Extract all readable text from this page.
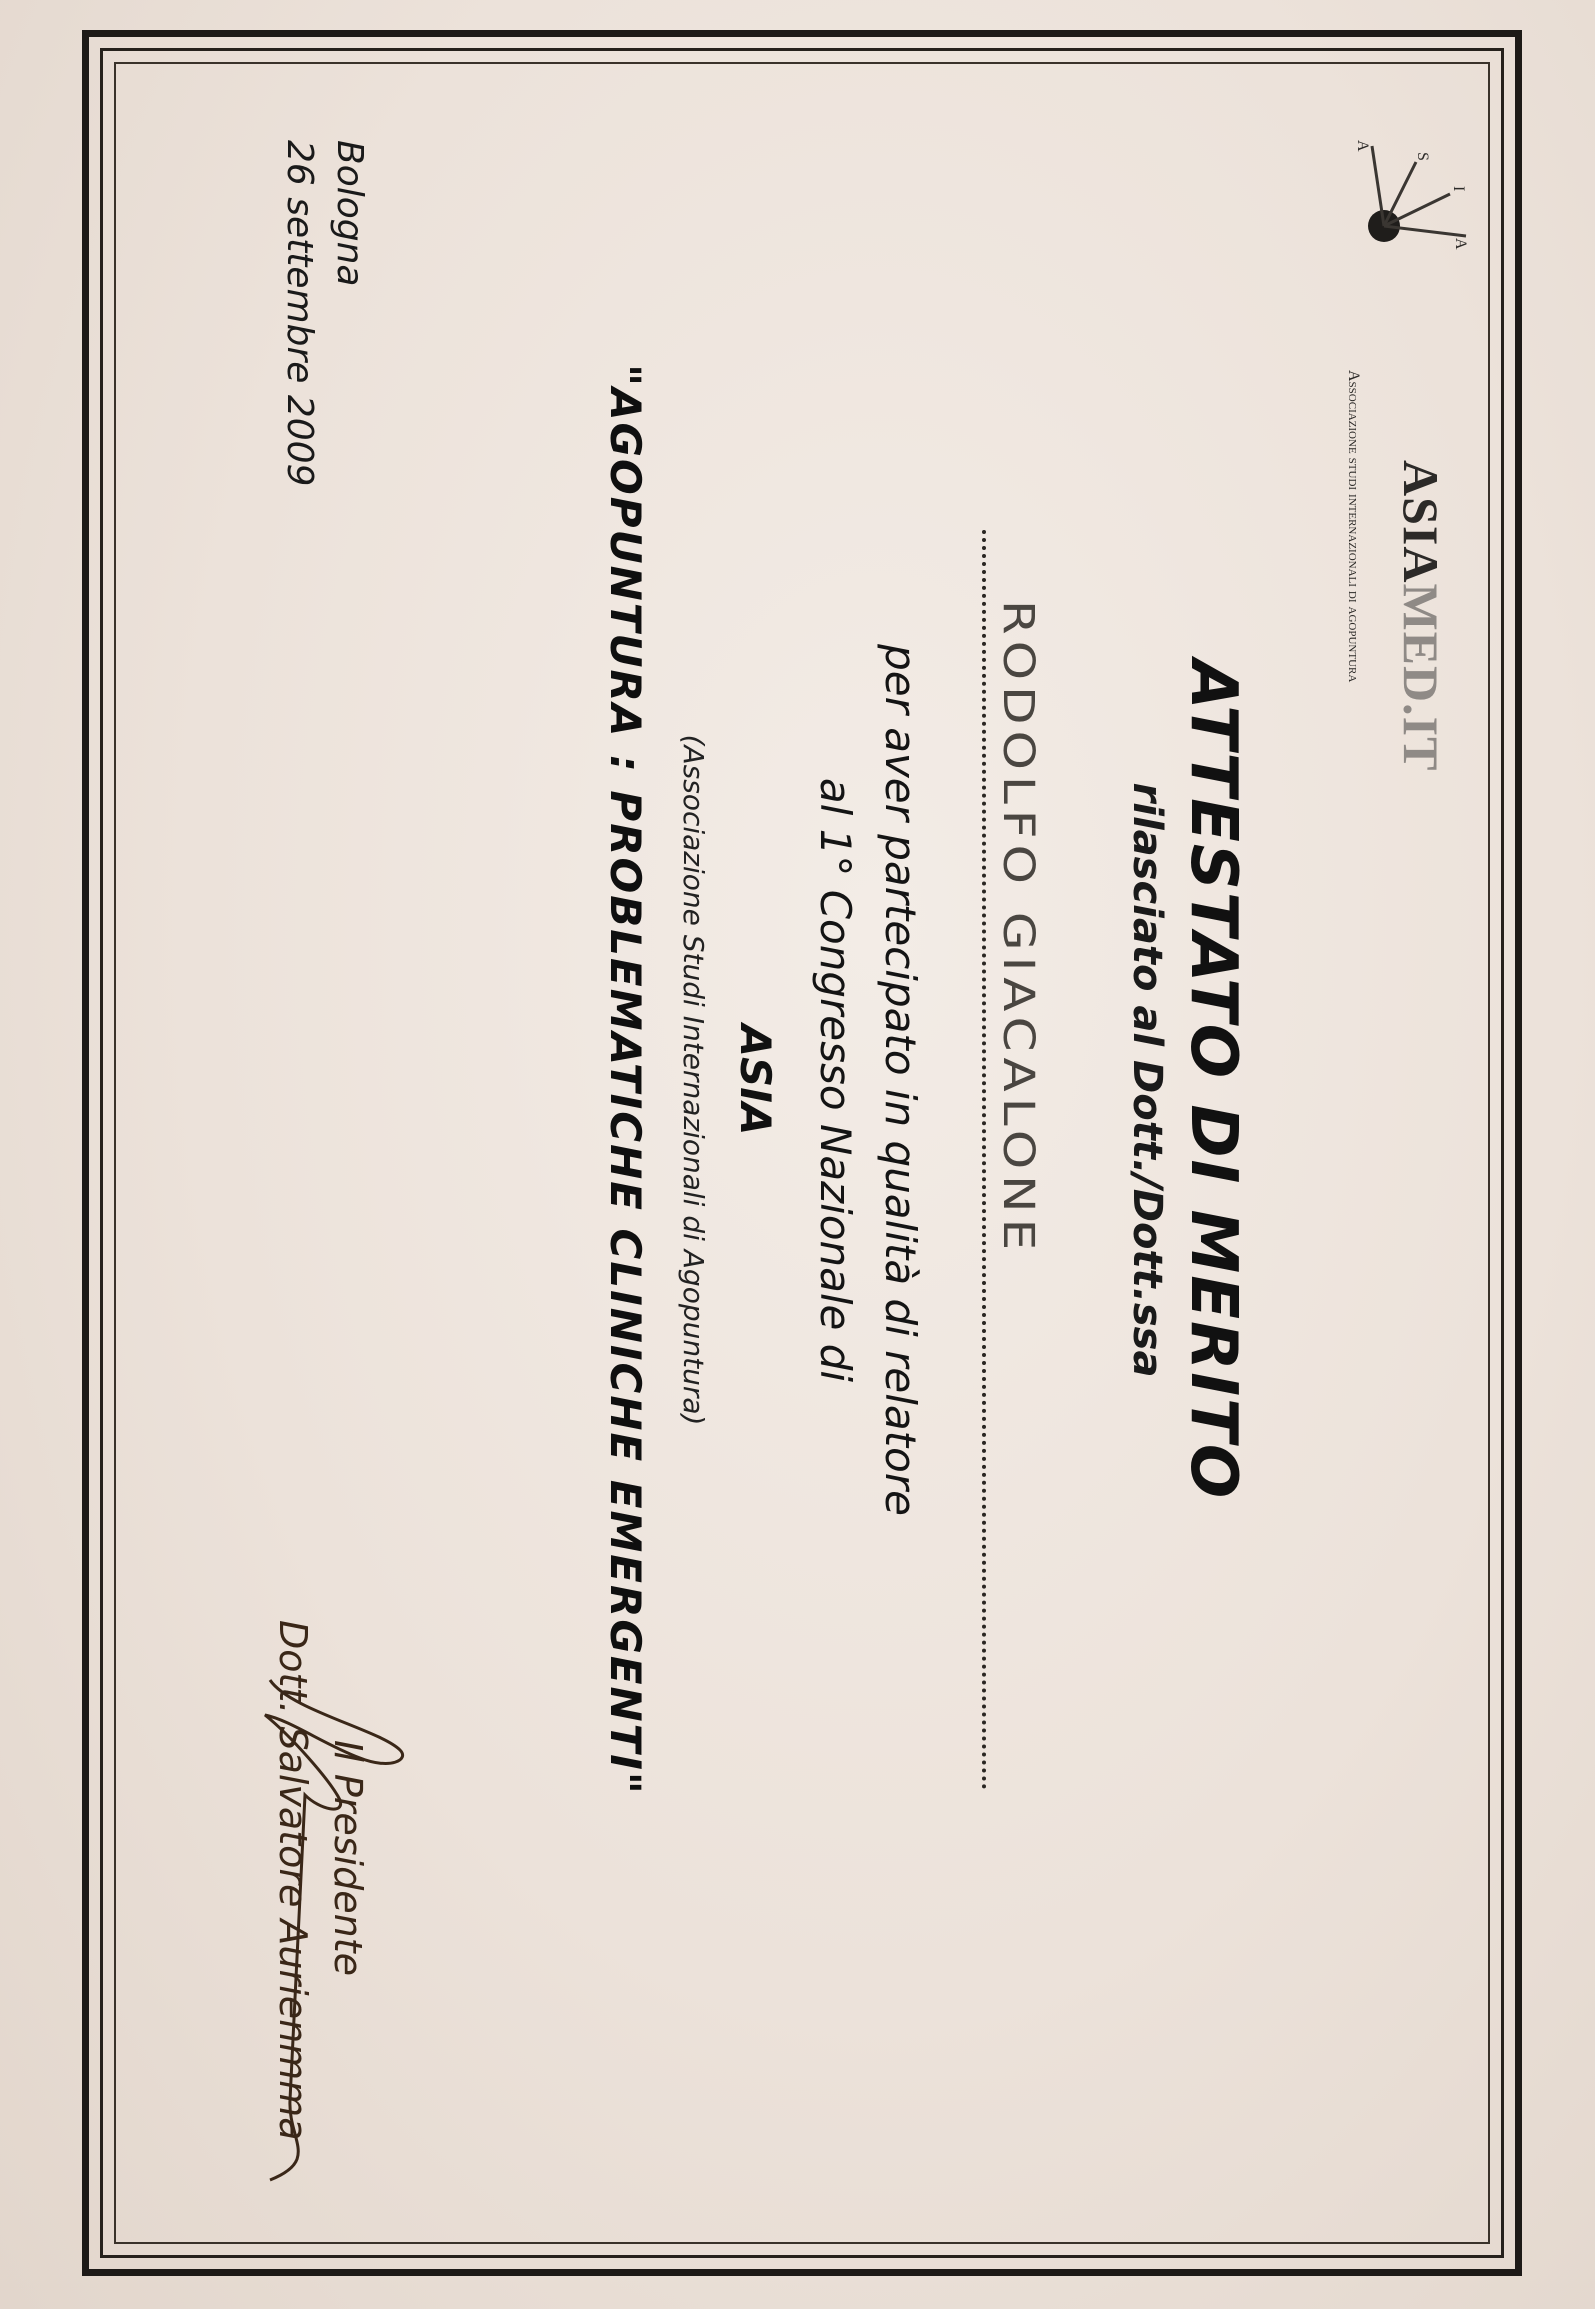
A
S
I
A

ASIAMED.IT

Associazione studi internazionali di agopuntura

ATTESTATO DI MERITO

rilasciato al Dott./Dott.ssa

RODOLFO GIACALONE

per aver partecipato in qualità di relatore

al 1° Congresso Nazionale di

ASIA

(Associazione Studi Internazionali di Agopuntura)

"AGOPUNTURA : PROBLEMATICHE CLINICHE EMERGENTI"

Bologna

26 settembre 2009

Il Presidente

Dott. Salvatore Aurienmma
